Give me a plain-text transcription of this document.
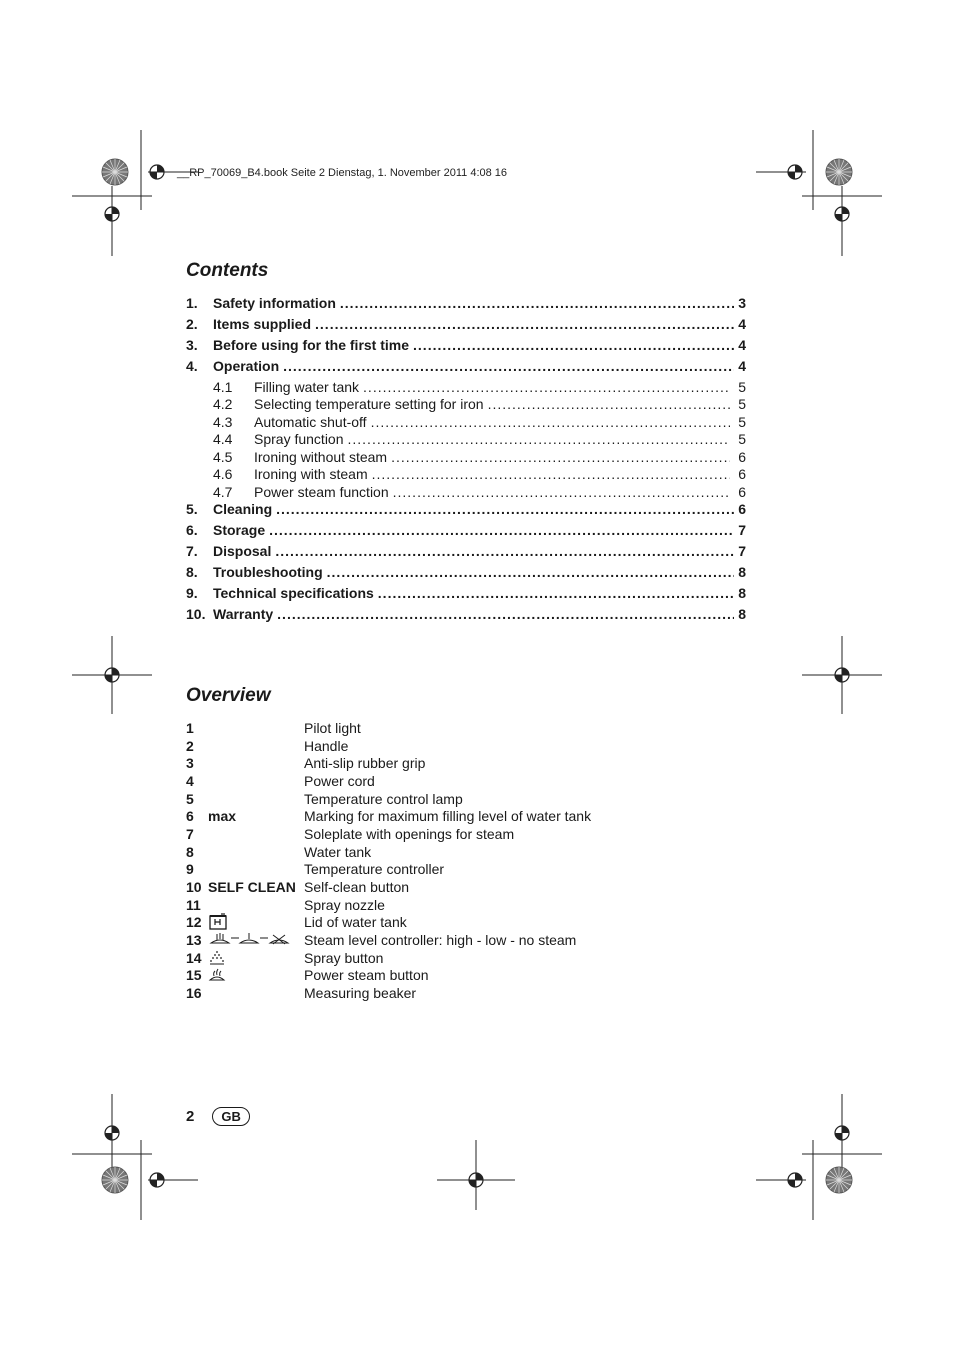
__RP_70069_B4.book Seite 2 Dienstag, 1. November 2011 4:08 16
Contents
1.	Safety information .....	3
2.	Items supplied .....	4
3.	Before using for the first time .....	4
4.	Operation .....	4
4.1	Filling water tank .....	5
4.2	Selecting temperature setting for iron .....	5
4.3	Automatic shut-off .....	5
4.4	Spray function .....	5
4.5	Ironing without steam .....	6
4.6	Ironing with steam .....	6
4.7	Power steam function .....	6
5.	Cleaning .....	6
6.	Storage .....	7
7.	Disposal .....	7
8.	Troubleshooting .....	8
9.	Technical specifications .....	8
10. Warranty .....	8
Overview
1	Pilot light
2	Handle
3	Anti-slip rubber grip
4	Power cord
5	Temperature control lamp
6	max	Marking for maximum filling level of water tank
7	Soleplate with openings for steam
8	Water tank
9	Temperature controller
10 SELF CLEAN Self-clean button
11	Spray nozzle
12	Lid of water tank
13	Steam level controller: high - low - no steam
14	Spray button
15	Power steam button
16	Measuring beaker
2	GB
